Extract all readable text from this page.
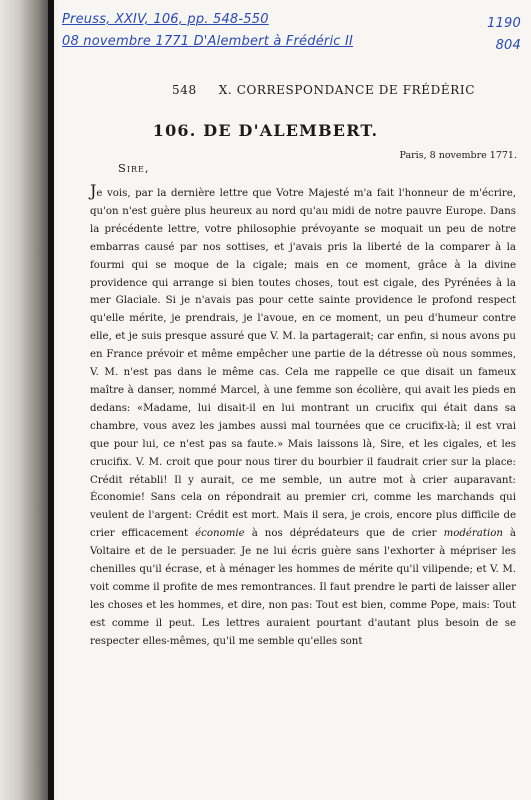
Preuss, XXIV, 106, pp. 548-550
08 novembre 1771 D'Alembert à Frédéric II
1190
804
548 X. CORRESPONDANCE DE FRÉDÉRIC
106. DE D'ALEMBERT.
Paris, 8 novembre 1771.
Sire,
Je vois, par la dernière lettre que Votre Majesté m'a fait l'honneur de m'écrire, qu'on n'est guère plus heureux au nord qu'au midi de notre pauvre Europe. Dans la précédente lettre, votre philosophie prévoyante se moquait un peu de notre embarras causé par nos sottises, et j'avais pris la liberté de la comparer à la fourmi qui se moque de la cigale; mais en ce moment, grâce à la divine providence qui arrange si bien toutes choses, tout est cigale, des Pyrénées à la mer Glaciale. Si je n'avais pas pour cette sainte providence le profond respect qu'elle mérite, je prendrais, je l'avoue, en ce moment, un peu d'humeur contre elle, et je suis presque assuré que V. M. la partagerait; car enfin, si nous avons pu en France prévoir et même empêcher une partie de la détresse où nous sommes, V. M. n'est pas dans le même cas. Cela me rappelle ce que disait un fameux maître à danser, nommé Marcel, à une femme son écolière, qui avait les pieds en dedans: «Madame, lui disait-il en lui montrant un crucifix qui était dans sa chambre, vous avez les jambes aussi mal tournées que ce crucifix-là; il est vrai que pour lui, ce n'est pas sa faute.» Mais laissons là, Sire, et les cigales, et les crucifix. V. M. croit que pour nous tirer du bourbier il faudrait crier sur la place: Crédit rétabli! Il y aurait, ce me semble, un autre mot à crier auparavant: Économie! Sans cela on répondrait au premier cri, comme les marchands qui veulent de l'argent: Crédit est mort. Mais il sera, je crois, encore plus difficile de crier efficacement économie à nos déprédateurs que de crier modération à Voltaire et de le persuader. Je ne lui écris guère sans l'exhorter à mépriser les chenilles qu'il écrase, et à ménager les hommes de mérite qu'il vilipende; et V. M. voit comme il profite de mes remontrances. Il faut prendre le parti de laisser aller les choses et les hommes, et dire, non pas: Tout est bien, comme Pope, mais: Tout est comme il peut. Les lettres auraient pourtant d'autant plus besoin de se respecter elles-mêmes, qu'il me semble qu'elles sont
